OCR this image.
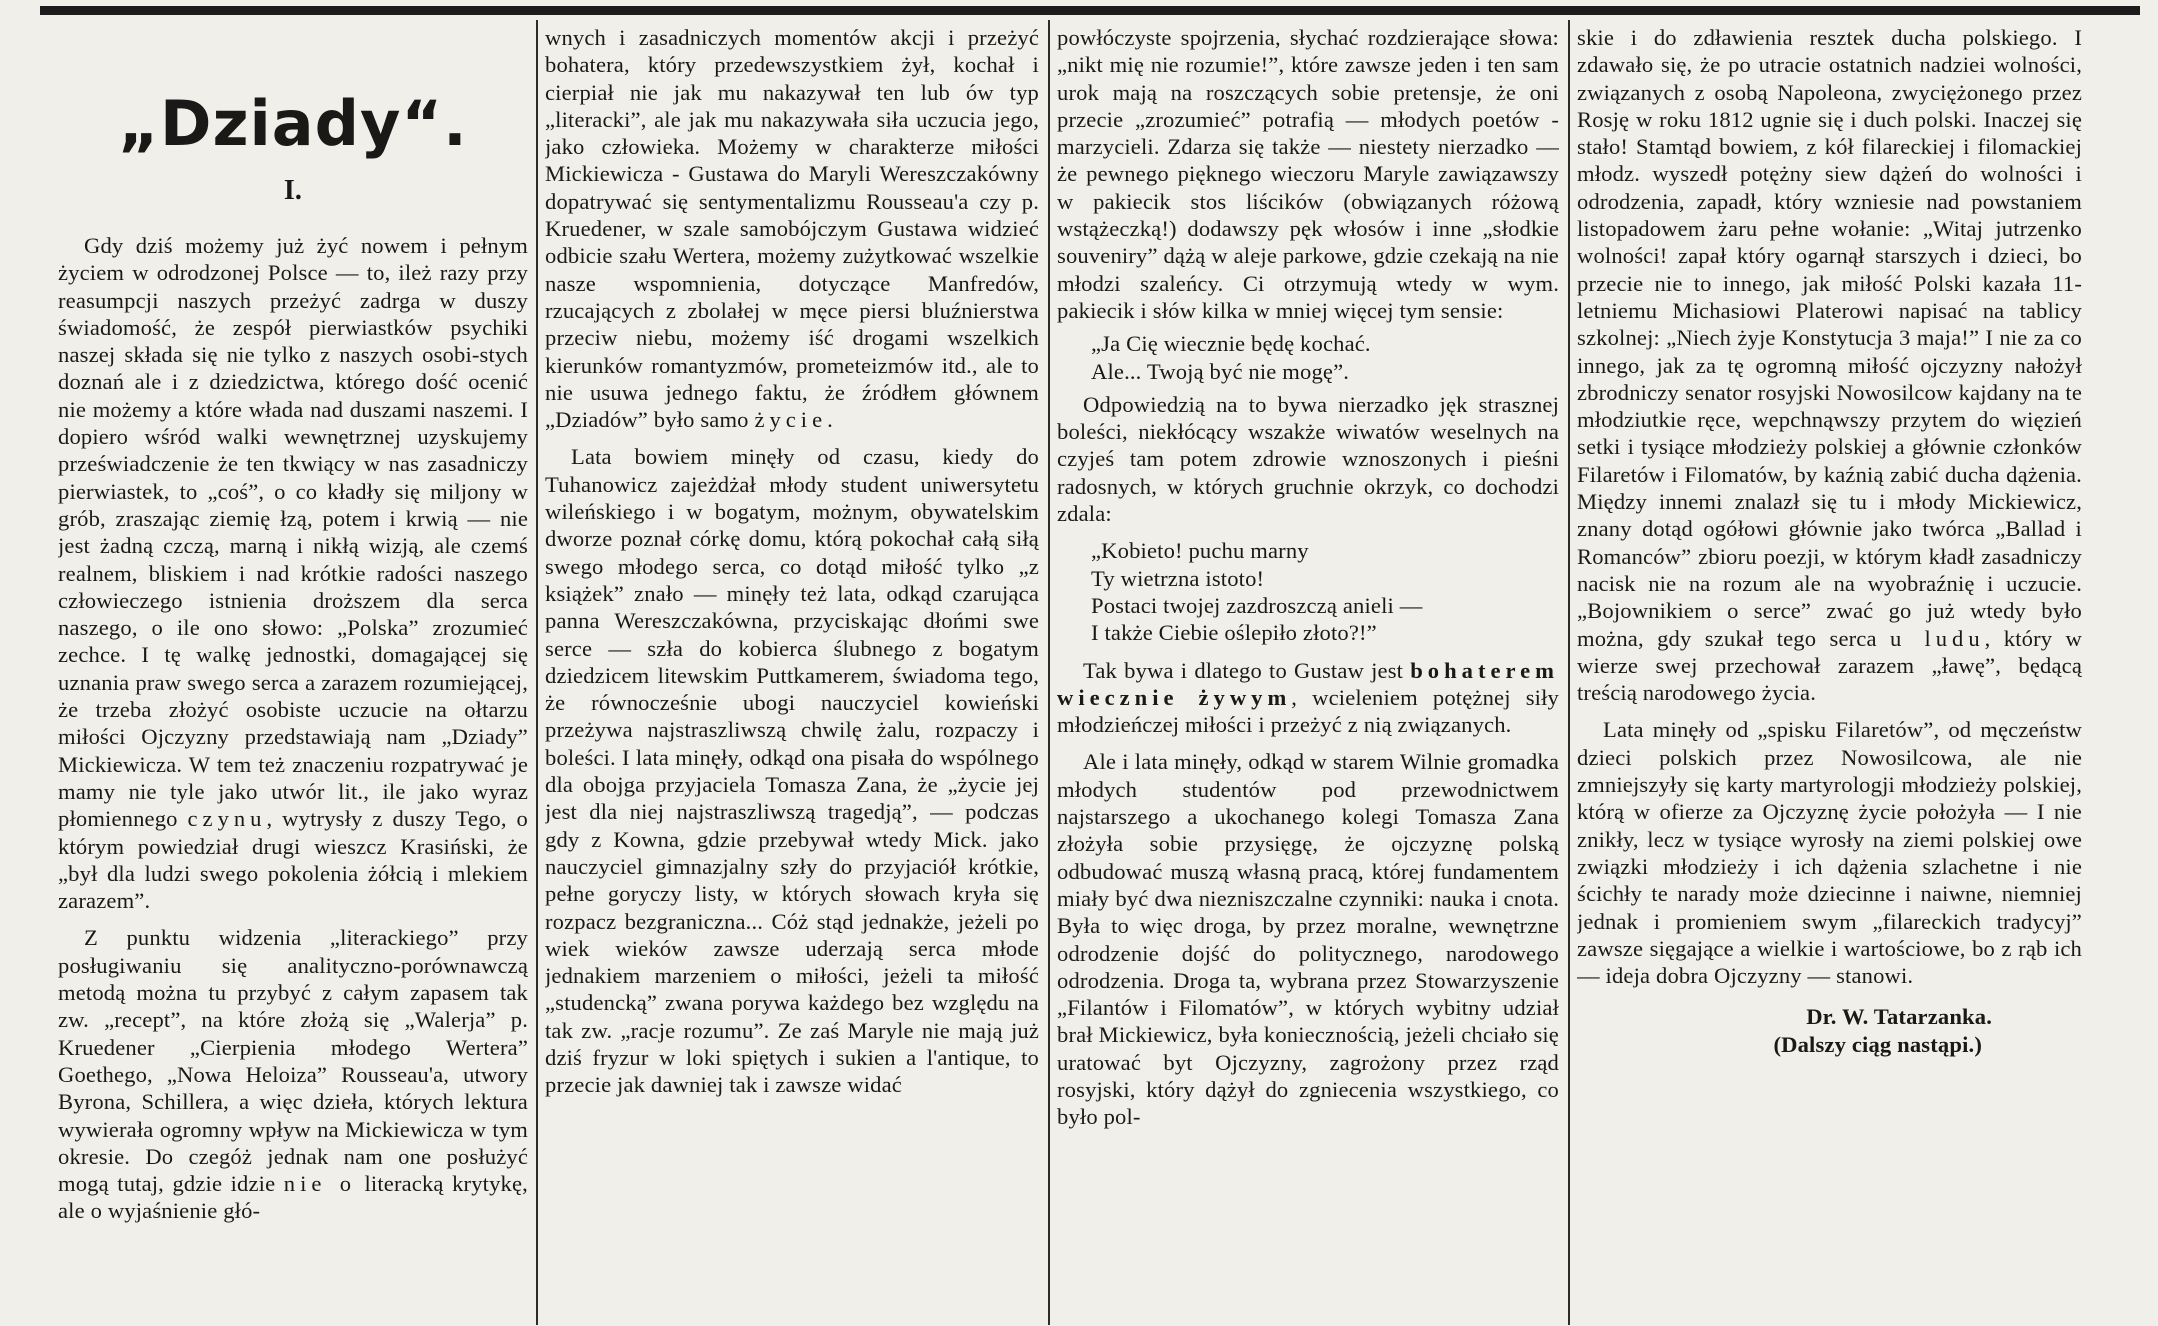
„Dziady“.
I.

Gdy dziś możemy już żyć nowem i pełnym życiem w odrodzonej Polsce — to, ileż razy przy reasumpcji naszych przeżyć zadrga w duszy świadomość, że zespół pierwiastków psychiki naszej składa się nie tylko z naszych osobi-stych doznań ale i z dziedzictwa, którego dość ocenić nie możemy a które włada nad duszami naszemi. I dopiero wśród walki wewnętrznej uzyskujemy przeświadczenie że ten tkwiący w nas zasadniczy pierwiastek, to „coś”, o co kładły się miljony w grób, zraszając ziemię łzą, potem i krwią — nie jest żadną czczą, marną i nikłą wizją, ale czemś realnem, bliskiem i nad krótkie radości naszego człowieczego istnienia droższem dla serca naszego, o ile ono słowo: „Polska” zrozumieć zechce. I tę walkę jednostki, domagającej się uznania praw swego serca a zarazem rozumiejącej, że trzeba złożyć osobiste uczucie na ołtarzu miłości Ojczyzny przedstawiają nam „Dziady” Mickiewicza. W tem też znaczeniu rozpatrywać je mamy nie tyle jako utwór lit., ile jako wyraz płomiennego czynu, wytrysły z duszy Tego, o którym powiedział drugi wieszcz Krasiński, że „był dla ludzi swego pokolenia żółcią i mlekiem zarazem”.

Z punktu widzenia „literackiego” przy posługiwaniu się analityczno-porównawczą metodą można tu przybyć z całym zapasem tak zw. „recept”, na które złożą się „Walerja” p. Kruedener „Cierpienia młodego Wertera” Goethego, „Nowa Heloiza” Rousseau'a, utwory Byrona, Schillera, a więc dzieła, których lektura wywierała ogromny wpływ na Mickiewicza w tym okresie. Do czegóż jednak nam one posłużyć mogą tutaj, gdzie idzie nie o literacką krytykę, ale o wyjaśnienie głó-

wnych i zasadniczych momentów akcji i przeżyć bohatera, który przedewszystkiem żył, kochał i cierpiał nie jak mu nakazywał ten lub ów typ „literacki”, ale jak mu nakazywała siła uczucia jego, jako człowieka. Możemy w charakterze miłości Mickiewicza - Gustawa do Maryli Wereszczakówny dopatrywać się sentymentalizmu Rousseau'a czy p. Kruedener, w szale samobójczym Gustawa widzieć odbicie szału Wertera, możemy zużytkować wszelkie nasze wspomnienia, dotyczące Manfredów, rzucających z zbolałej w męce piersi bluźnierstwa przeciw niebu, możemy iść drogami wszelkich kierunków romantyzmów, prometeizmów itd., ale to nie usuwa jednego faktu, że źródłem głównem „Dziadów” było samo życie.

Lata bowiem minęły od czasu, kiedy do Tuhanowicz zajeżdżał młody student uniwersytetu wileńskiego i w bogatym, możnym, obywatelskim dworze poznał córkę domu, którą pokochał całą siłą swego młodego serca, co dotąd miłość tylko „z książek” znało — minęły też lata, odkąd czarująca panna Wereszczakówna, przyciskając dłońmi swe serce — szła do kobierca ślubnego z bogatym dziedzicem litewskim Puttkamerem, świadoma tego, że równocześnie ubogi nauczyciel kowieński przeżywa najstraszliwszą chwilę żalu, rozpaczy i boleści. I lata minęły, odkąd ona pisała do wspólnego dla obojga przyjaciela Tomasza Zana, że „życie jej jest dla niej najstraszliwszą tragedją”, — podczas gdy z Kowna, gdzie przebywał wtedy Mick. jako nauczyciel gimnazjalny szły do przyjaciół krótkie, pełne goryczy listy, w których słowach kryła się rozpacz bezgraniczna... Cóż stąd jednakże, jeżeli po wiek wieków zawsze uderzają serca młode jednakiem marzeniem o miłości, jeżeli ta miłość „studencką” zwana porywa każdego bez względu na tak zw. „racje rozumu”. Ze zaś Maryle nie mają już dziś fryzur w loki spiętych i sukien a l'antique, to przecie jak dawniej tak i zawsze widać

powłóczyste spojrzenia, słychać rozdzierające słowa: „nikt mię nie rozumie!”, które zawsze jeden i ten sam urok mają na roszczących sobie pretensje, że oni przecie „zrozumieć” potrafią — młodych poetów - marzycieli. Zdarza się także — niestety nierzadko — że pewnego pięknego wieczoru Maryle zawiązawszy w pakiecik stos liścików (obwiązanych różową wstążeczką!) dodawszy pęk włosów i inne „słodkie souveniry” dążą w aleje parkowe, gdzie czekają na nie młodzi szaleńcy. Ci otrzymują wtedy w wym. pakiecik i słów kilka w mniej więcej tym sensie:

„Ja Cię wiecznie będę kochać.
Ale... Twoją być nie mogę”.

Odpowiedzią na to bywa nierzadko jęk strasznej boleści, niekłócący wszakże wiwatów weselnych na czyjeś tam potem zdrowie wznoszonych i pieśni radosnych, w których gruchnie okrzyk, co dochodzi zdala:

„Kobieto! puchu marny
Ty wietrzna istoto!
Postaci twojej zazdroszczą anieli —
I także Ciebie oślepiło złoto?!”

Tak bywa i dlatego to Gustaw jest bohaterem wiecznie żywym, wcieleniem potężnej siły młodzieńczej miłości i przeżyć z nią związanych.

Ale i lata minęły, odkąd w starem Wilnie gromadka młodych studentów pod przewodnictwem najstarszego a ukochanego kolegi Tomasza Zana złożyła sobie przysięgę, że ojczyznę polską odbudować muszą własną pracą, której fundamentem miały być dwa niezniszczalne czynniki: nauka i cnota. Była to więc droga, by przez moralne, wewnętrzne odrodzenie dojść do politycznego, narodowego odrodzenia. Droga ta, wybrana przez Stowarzyszenie „Filantów i Filomatów”, w których wybitny udział brał Mickiewicz, była koniecznością, jeżeli chciało się uratować byt Ojczyzny, zagrożony przez rząd rosyjski, który dążył do zgniecenia wszystkiego, co było pol-

skie i do zdławienia resztek ducha polskiego. I zdawało się, że po utracie ostatnich nadziei wolności, związanych z osobą Napoleona, zwyciężonego przez Rosję w roku 1812 ugnie się i duch polski. Inaczej się stało! Stamtąd bowiem, z kół filareckiej i filomackiej młodz. wyszedł potężny siew dążeń do wolności i odrodzenia, zapadł, który wzniesie nad powstaniem listopadowem żaru pełne wołanie: „Witaj jutrzenko wolności! zapał który ogarnął starszych i dzieci, bo przecie nie to innego, jak miłość Polski kazała 11-letniemu Michasiowi Platerowi napisać na tablicy szkolnej: „Niech żyje Konstytucja 3 maja!” I nie za co innego, jak za tę ogromną miłość ojczyzny nałożył zbrodniczy senator rosyjski Nowosilcow kajdany na te młodziutkie ręce, wepchnąwszy przytem do więzień setki i tysiące młodzieży polskiej a głównie członków Filaretów i Filomatów, by kaźnią zabić ducha dążenia. Między innemi znalazł się tu i młody Mickiewicz, znany dotąd ogółowi głównie jako twórca „Ballad i Romanców” zbioru poezji, w którym kładł zasadniczy nacisk nie na rozum ale na wyobraźnię i uczucie. „Bojownikiem o serce” zwać go już wtedy było można, gdy szukał tego serca u ludu, który w wierze swej przechował zarazem „ławę”, będącą treścią narodowego życia.

Lata minęły od „spisku Filaretów”, od męczeństw dzieci polskich przez Nowosilcowa, ale nie zmniejszyły się karty martyrologji młodzieży polskiej, którą w ofierze za Ojczyznę życie położyła — I nie znikły, lecz w tysiące wyrosły na ziemi polskiej owe związki młodzieży i ich dążenia szlachetne i nie ścichły te narady może dziecinne i naiwne, niemniej jednak i promieniem swym „filareckich tradycyj” zawsze sięgające a wielkie i wartościowe, bo z rąb ich — ideja dobra Ojczyzny — stanowi.

Dr. W. Tatarzanka.
(Dalszy ciąg nastąpi.)
